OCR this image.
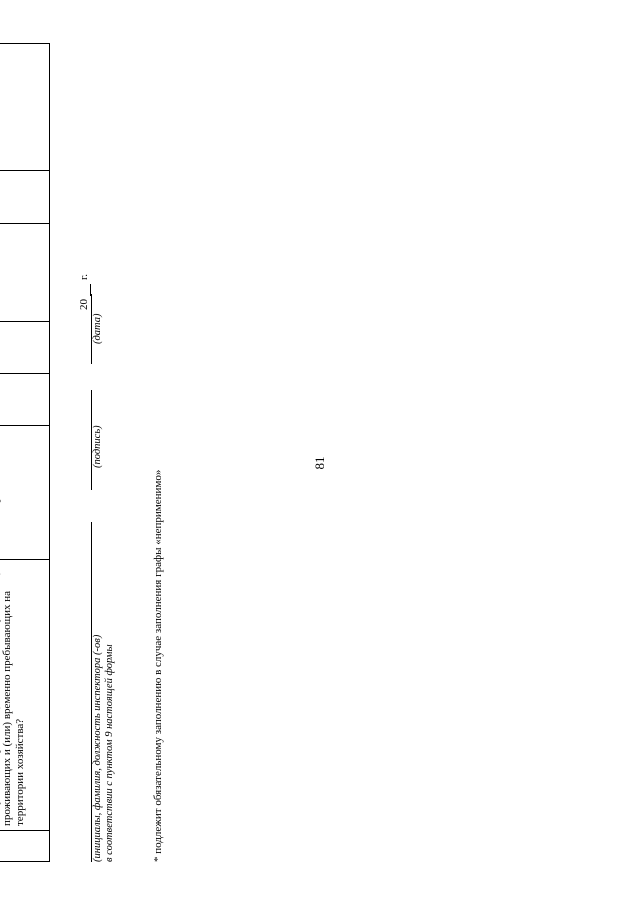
81

	проживающих и (или) временно пребывающих на территории хозяйства?							(инициалы, фамилия, должность инспектора (-ов) в соответствии с пунктом 9 настоящей формы
(подпись)
20
г.
(дата)
* подлежит обязательному заполнению в случае заполнения графы «неприменимо»
